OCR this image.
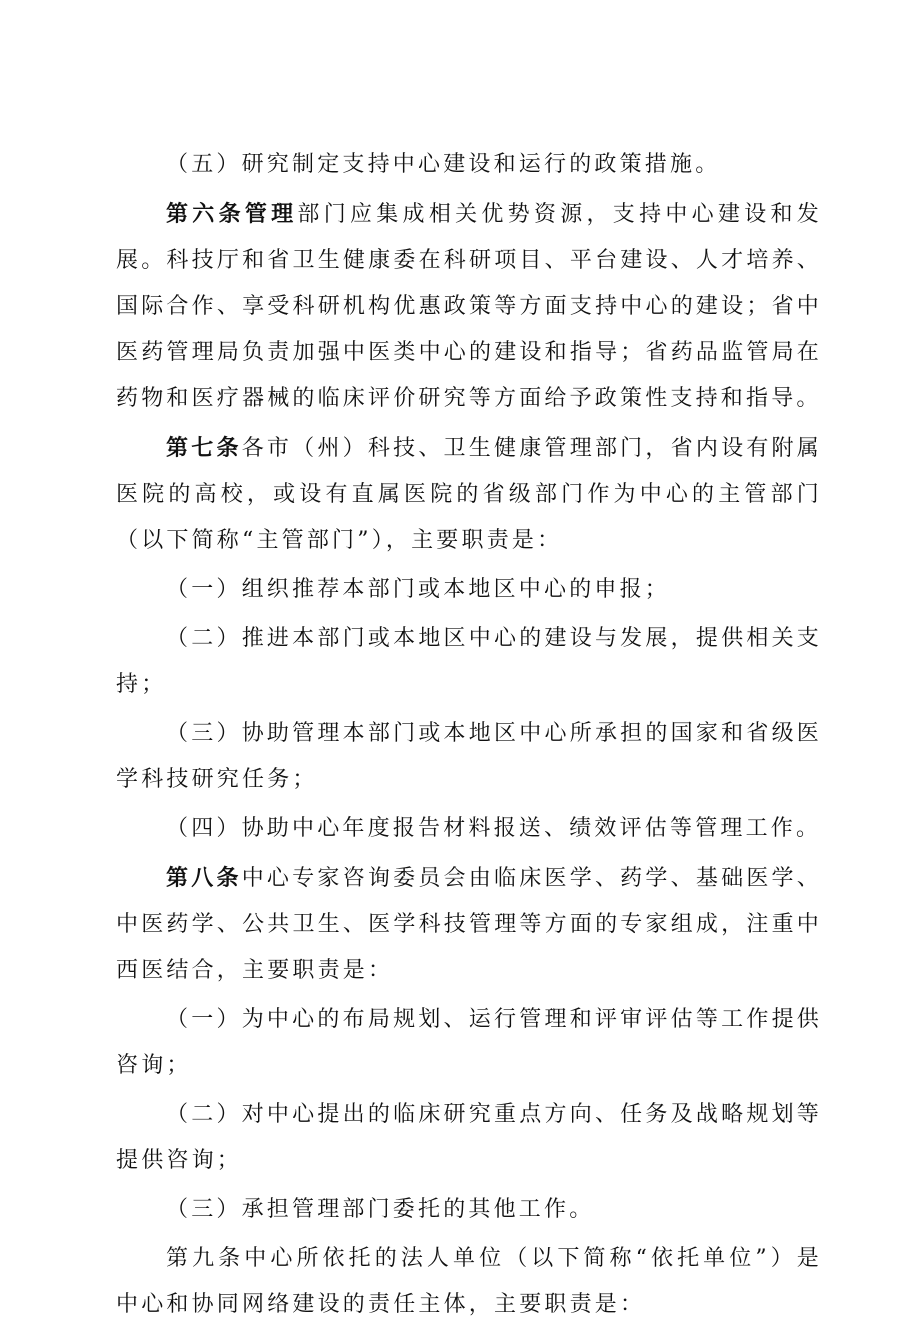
（五）研究制定支持中心建设和运行的政策措施。

第六条管理部门应集成相关优势资源，支持中心建设和发展。科技厅和省卫生健康委在科研项目、平台建设、人才培养、国际合作、享受科研机构优惠政策等方面支持中心的建设；省中医药管理局负责加强中医类中心的建设和指导；省药品监管局在药物和医疗器械的临床评价研究等方面给予政策性支持和指导。

第七条各市（州）科技、卫生健康管理部门，省内设有附属医院的高校，或设有直属医院的省级部门作为中心的主管部门（以下简称“主管部门”），主要职责是：

（一）组织推荐本部门或本地区中心的申报；

（二）推进本部门或本地区中心的建设与发展，提供相关支持；

（三）协助管理本部门或本地区中心所承担的国家和省级医学科技研究任务；

（四）协助中心年度报告材料报送、绩效评估等管理工作。

第八条中心专家咨询委员会由临床医学、药学、基础医学、中医药学、公共卫生、医学科技管理等方面的专家组成，注重中西医结合，主要职责是：

（一）为中心的布局规划、运行管理和评审评估等工作提供咨询；

（二）对中心提出的临床研究重点方向、任务及战略规划等提供咨询；

（三）承担管理部门委托的其他工作。

第九条中心所依托的法人单位（以下简称“依托单位”）是中心和协同网络建设的责任主体，主要职责是：
